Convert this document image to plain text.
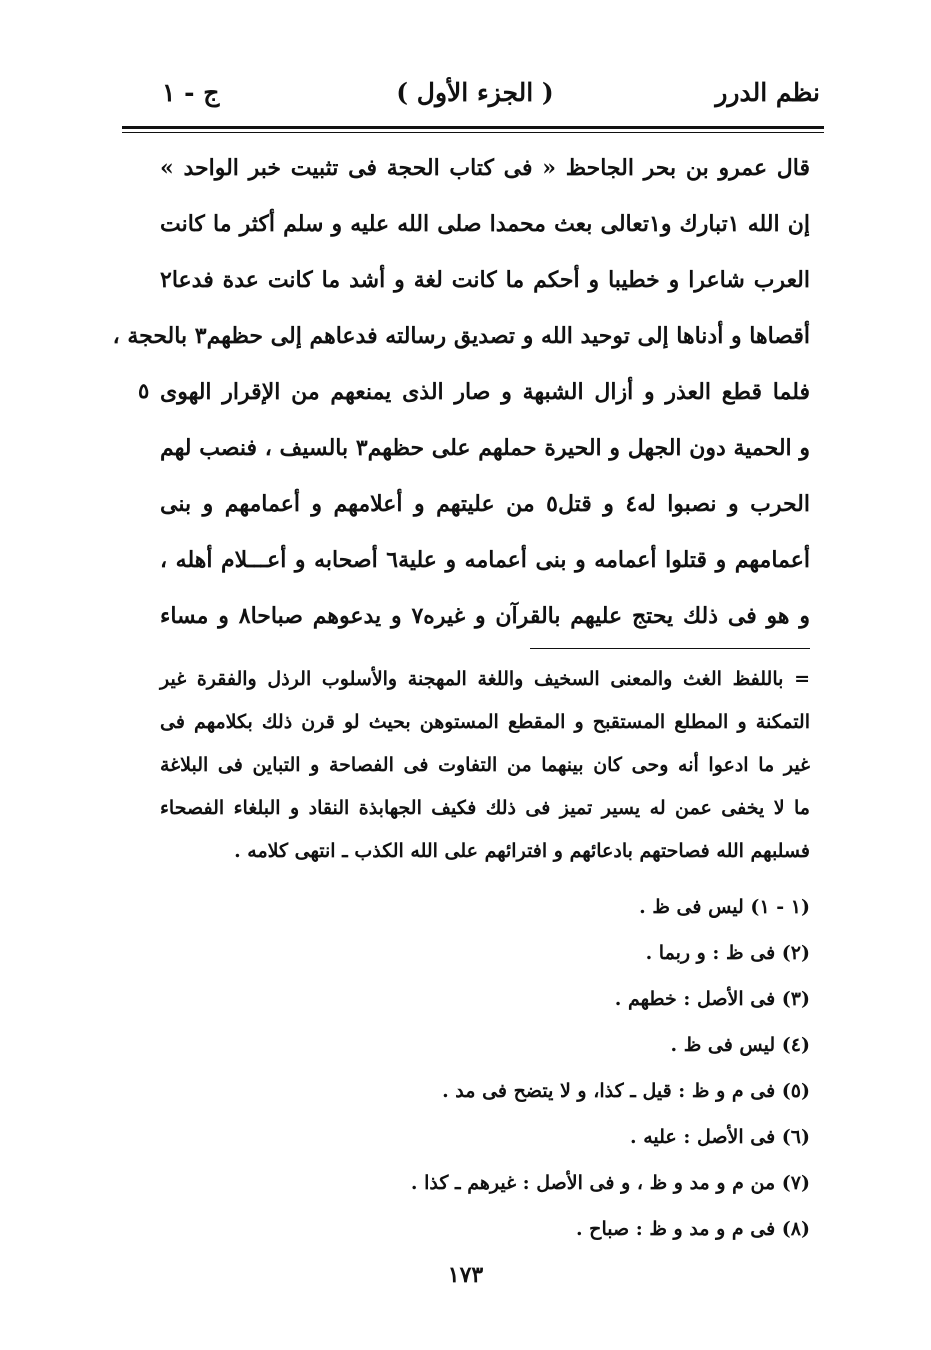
نظم الدرر
( الجزء الأول )
ج - ١
قال عمرو بن بحر الجاحظ « فى كتاب الحجة فى تثبيت خبر الواحد »
إن الله ١تبارك و١تعالى بعث محمدا صلى الله عليه و سلم أكثر ما كانت
العرب شاعرا و خطيبا و أحكم ما كانت لغة و أشد ما كانت عدة فدعا٢
أقصاها و أدناها إلى توحيد الله و تصديق رسالته فدعاهم إلى حظهم٣ بالحجة ،
فلما قطع العذر و أزال الشبهة و صار الذى يمنعهم من الإقرار الهوى
و الحمية دون الجهل و الحيرة حملهم على حظهم٣ بالسيف ، فنصب لهم
الحرب و نصبوا له٤ و قتل٥ من عليتهم و أعلامهم و أعمامهم و بنى
أعمامهم و قتلوا أعمامه و بنى أعمامه و علية٦ أصحابه و أعـــلام أهله ،
و هو فى ذلك يحتج عليهم بالقرآن و غيره٧ و يدعوهم صباحا٨ و مساء
٥
= باللفظ الغث والمعنى السخيف واللغة المهجنة والأسلوب الرذل والفقرة غير
التمكنة و المطلع المستقبح و المقطع المستوهن بحيث لو قرن ذلك بكلامهم فى
غير ما ادعوا أنه وحى كان بينهما من التفاوت فى الفصاحة و التباين فى البلاغة
ما لا يخفى عمن له يسير تميز فى ذلك فكيف الجهابذة النقاد و البلغاء الفصحاء
فسلبهم الله فصاحتهم بادعائهم و افترائهم على الله الكذب ـ انتهى كلامه .
(١ - ١) ليس فى ظ .
(٢) فى ظ : و ربما .
(٣) فى الأصل : خطهم .
(٤) ليس فى ظ .
(٥) فى م و ظ : قيل ـ كذا، و لا يتضح فى مد .
(٦) فى الأصل : عليه .
(٧) من م و مد و ظ ، و فى الأصل : غيرهم ـ كذا .
(٨) فى م و مد و ظ : صباح .
١٧٣
